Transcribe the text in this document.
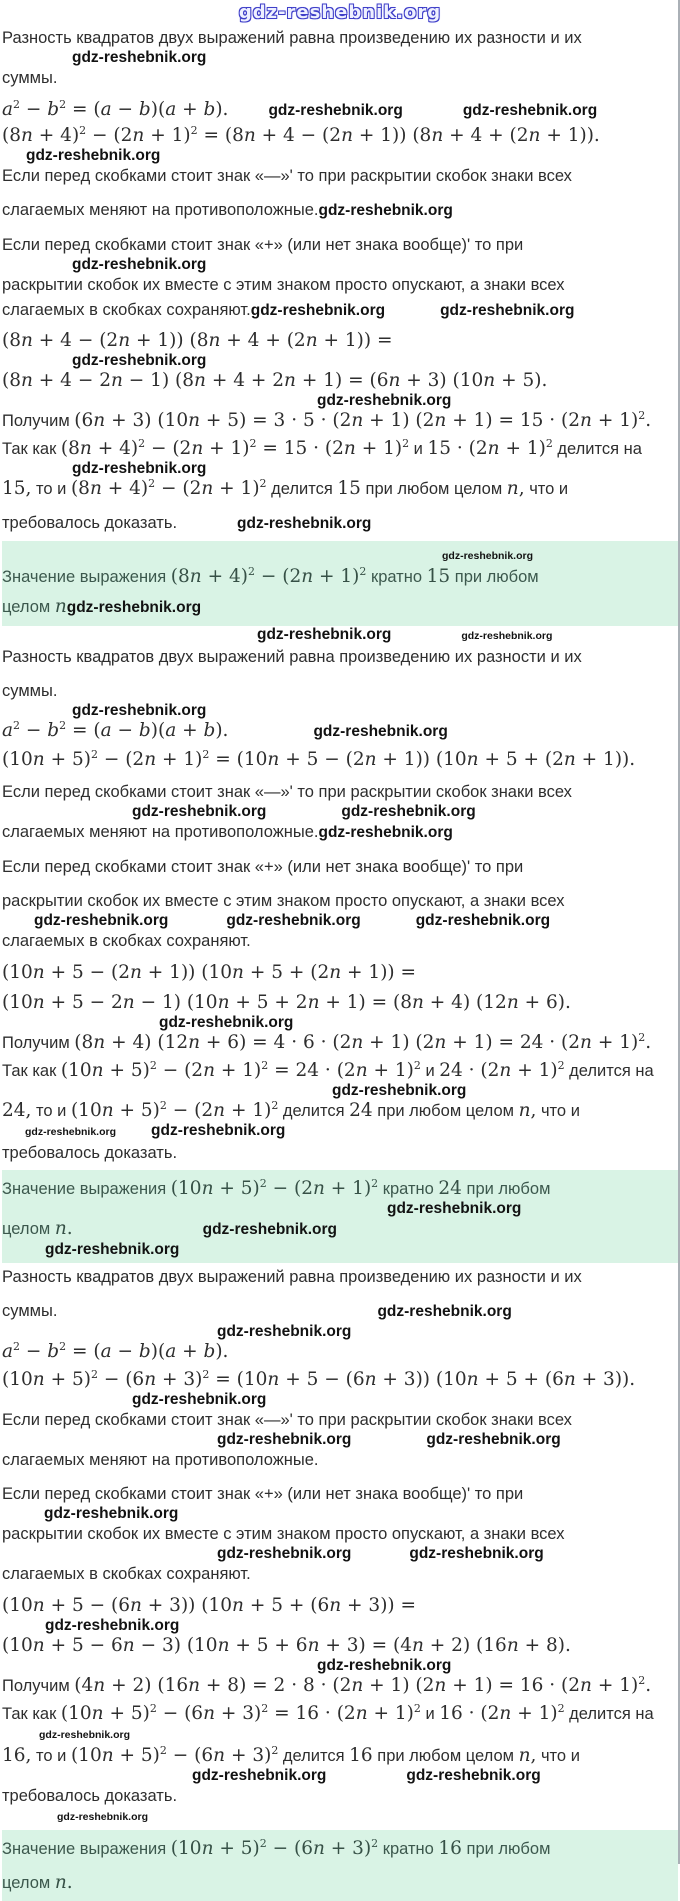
gdz-reshebnik.org
Разность квадратов двух выражений равна произведению их разности и их
gdz-reshebnik.org
суммы.
$a^2 - b^2 = (a - b)(a + b)$.	gdz-reshebnik.org	gdz-reshebnik.org
$(8n + 4)^2 - (2n + 1)^2 = (8n + 4 - (2n + 1))$ (8n + 4 + (2n + 1)).
gdz-reshebnik.org
Если перед скобками стоит знак «—»' то при раскрытии скобок знаки всех
слагаемых меняют на противоположные.gdz-reshebnik.org
Если перед скобками стоит знак «+» (или нет знака вообще)' то при
gdz-reshebnik.org
раскрытии скобок их вместе с этим знаком просто опускают, а знаки всех
слагаемых в скобках сохраняют.gdz-reshebnik.org	gdz-reshebnik.org
(8n + 4 − (2n + 1)) (8n + 4 + (2n + 1)) =
gdz-reshebnik.org
(8n + 4 − 2n − 1) (8n + 4 + 2n + 1) = (6n + 3) (10n + 5).
gdz-reshebnik.org
Получим (6n + 3) (10n + 5) = 3 · 5 · (2n + 1) $(2n + 1) = 15 \cdot (2n + 1)^2$.
Так как $(8n + 4)^2 - (2n + 1)^2 = 15 \cdot (2n + 1)^2$ и $15 \cdot (2n + 1)^2$ делится на
gdz-reshebnik.org
15, то и $(8n + 4)^2 - (2n + 1)^2$ делится 15 при любом целом n, что и
требовалось доказать.	gdz-reshebnik.org
gdz-reshebnik.org
Значение выражения $(8n + 4)^2 - (2n + 1)^2$ кратно 15 при любом
целом ngdz-reshebnik.org
gdz-reshebnik.org	gdz-reshebnik.org
Разность квадратов двух выражений равна произведению их разности и их
суммы.
gdz-reshebnik.org
$a^2 - b^2 = (a - b)(a + b)$.	gdz-reshebnik.org
$(10n + 5)^2 - (2n + 1)^2 = (10n + 5 - (2n + 1))$ (10n + 5 + (2n + 1)).
Если перед скобками стоит знак «—»' то при раскрытии скобок знаки всех
gdz-reshebnik.org	gdz-reshebnik.org
слагаемых меняют на противоположные.gdz-reshebnik.org
Если перед скобками стоит знак «+» (или нет знака вообще)' то при
раскрытии скобок их вместе с этим знаком просто опускают, а знаки всех
gdz-reshebnik.org	gdz-reshebnik.org	gdz-reshebnik.org
слагаемых в скобках сохраняют.
(10n + 5 − (2n + 1)) (10n + 5 + (2n + 1)) =
(10n + 5 − 2n − 1) (10n + 5 + 2n + 1) = (8n + 4) (12n + 6).
gdz-reshebnik.org
Получим (8n + 4) (12n + 6) = 4 · 6 · (2n + 1) $(2n + 1) = 24 \cdot (2n + 1)^2$.
Так как $(10n + 5)^2 - (2n + 1)^2 = 24 \cdot (2n + 1)^2$ и $24 \cdot (2n + 1)^2$ делится на
gdz-reshebnik.org
24, то и $(10n + 5)^2 - (2n + 1)^2$ делится 24 при любом целом n, что и
gdz-reshebnik.org gdz-reshebnik.org
требовалось доказать.
Значение выражения $(10n + 5)^2 - (2n + 1)^2$ кратно 24 при любом
gdz-reshebnik.org
целом n.	gdz-reshebnik.org
gdz-reshebnik.org
Разность квадратов двух выражений равна произведению их разности и их
суммы.	gdz-reshebnik.org
gdz-reshebnik.org
$a^2 - b^2 = (a - b)(a + b)$.
$(10n + 5)^2 - (6n + 3)^2 = (10n + 5 - (6n + 3))$ (10n + 5 + (6n + 3)).
gdz-reshebnik.org
Если перед скобками стоит знак «—»' то при раскрытии скобок знаки всех
gdz-reshebnik.org	gdz-reshebnik.org
слагаемых меняют на противоположные.
Если перед скобками стоит знак «+» (или нет знака вообще)' то при
gdz-reshebnik.org
раскрытии скобок их вместе с этим знаком просто опускают, а знаки всех
gdz-reshebnik.org	gdz-reshebnik.org
слагаемых в скобках сохраняют.
(10n + 5 − (6n + 3)) (10n + 5 + (6n + 3)) =
gdz-reshebnik.org
(10n + 5 − 6n − 3) (10n + 5 + 6n + 3) = (4n + 2) (16n + 8).
gdz-reshebnik.org
Получим (4n + 2) (16n + 8) = 2 · 8 · (2n + 1) $(2n + 1) = 16 \cdot (2n + 1)^2$.
Так как $(10n + 5)^2 - (6n + 3)^2 = 16 \cdot (2n + 1)^2$ и $16 \cdot (2n + 1)^2$ делится на
gdz-reshebnik.org
16, то и $(10n + 5)^2 - (6n + 3)^2$ делится 16 при любом целом n, что и
gdz-reshebnik.org	gdz-reshebnik.org
требовалось доказать.
gdz-reshebnik.org
Значение выражения $(10n + 5)^2 - (6n + 3)^2$ кратно 16 при любом
целом n.
